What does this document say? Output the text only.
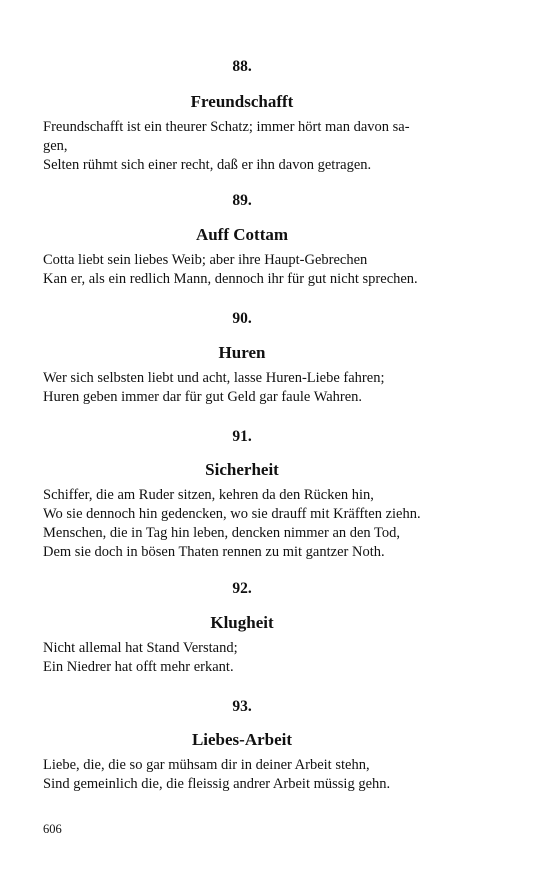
88.

Freundschafft
Freundschafft ist ein theurer Schatz; immer hört man davon sa-
gen,
Selten rühmt sich einer recht, daß er ihn davon getragen.

89.

Auff Cottam
Cotta liebt sein liebes Weib; aber ihre Haupt-Gebrechen
Kan er, als ein redlich Mann, dennoch ihr für gut nicht sprechen.

90.

Huren
Wer sich selbsten liebt und acht, lasse Huren-Liebe fahren;
Huren geben immer dar für gut Geld gar faule Wahren.

91.

Sicherheit
Schiffer, die am Ruder sitzen, kehren da den Rücken hin,
Wo sie dennoch hin gedencken, wo sie drauff mit Kräfften ziehn.
Menschen, die in Tag hin leben, dencken nimmer an den Tod,
Dem sie doch in bösen Thaten rennen zu mit gantzer Noth.

92.

Klugheit
Nicht allemal hat Stand Verstand;
Ein Niedrer hat offt mehr erkant.

93.

Liebes-Arbeit
Liebe, die, die so gar mühsam dir in deiner Arbeit stehn,
Sind gemeinlich die, die fleissig andrer Arbeit müssig gehn.
606
